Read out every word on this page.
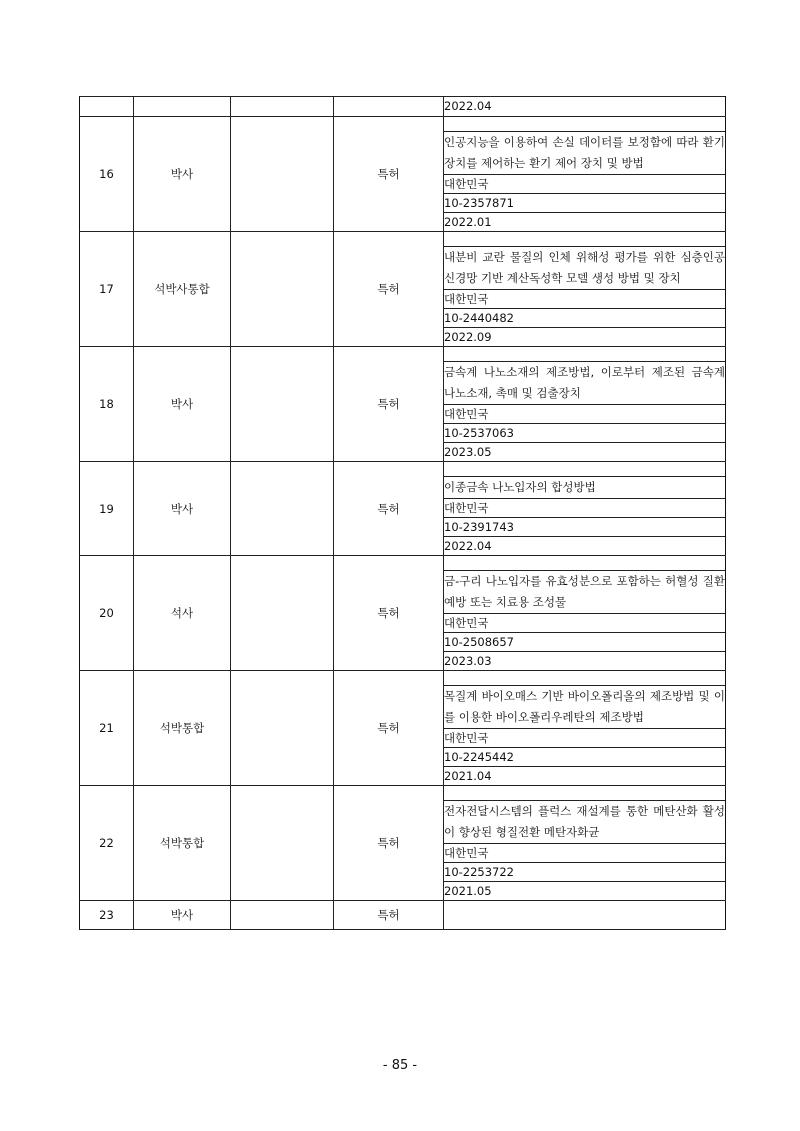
2022.04

16	박사		특허	

인공지능을 이용하여 손실 데이터를 보정함에 따라 환기 장치를 제어하는 환기 제어 장치 및 방법
대한민국
10-2357871
2022.01

17	석박사통합		특허	

내분비 교란 물질의 인체 위해성 평가를 위한 심층인공신경망 기반 계산독성학 모델 생성 방법 및 장치
대한민국
10-2440482
2022.09

18	박사		특허	

금속계 나노소재의 제조방법, 이로부터 제조된 금속계 나노소재, 촉매 및 검출장치
대한민국
10-2537063
2023.05

19	박사		특허	

이종금속 나노입자의 합성방법
대한민국
10-2391743
2022.04

20	석사		특허	

금-구리 나노입자를 유효성분으로 포함하는 허혈성 질환 예방 또는 치료용 조성물
대한민국
10-2508657
2023.03

21	석박통합		특허	

목질계 바이오매스 기반 바이오폴리올의 제조방법 및 이를 이용한 바이오폴리우레탄의 제조방법
대한민국
10-2245442
2021.04

22	석박통합		특허	

전자전달시스템의 플럭스 재설계를 통한 메탄산화 활성이 향상된 형질전환 메탄자화균
대한민국
10-2253722
2021.05

23	박사		특허	
- 85 -
